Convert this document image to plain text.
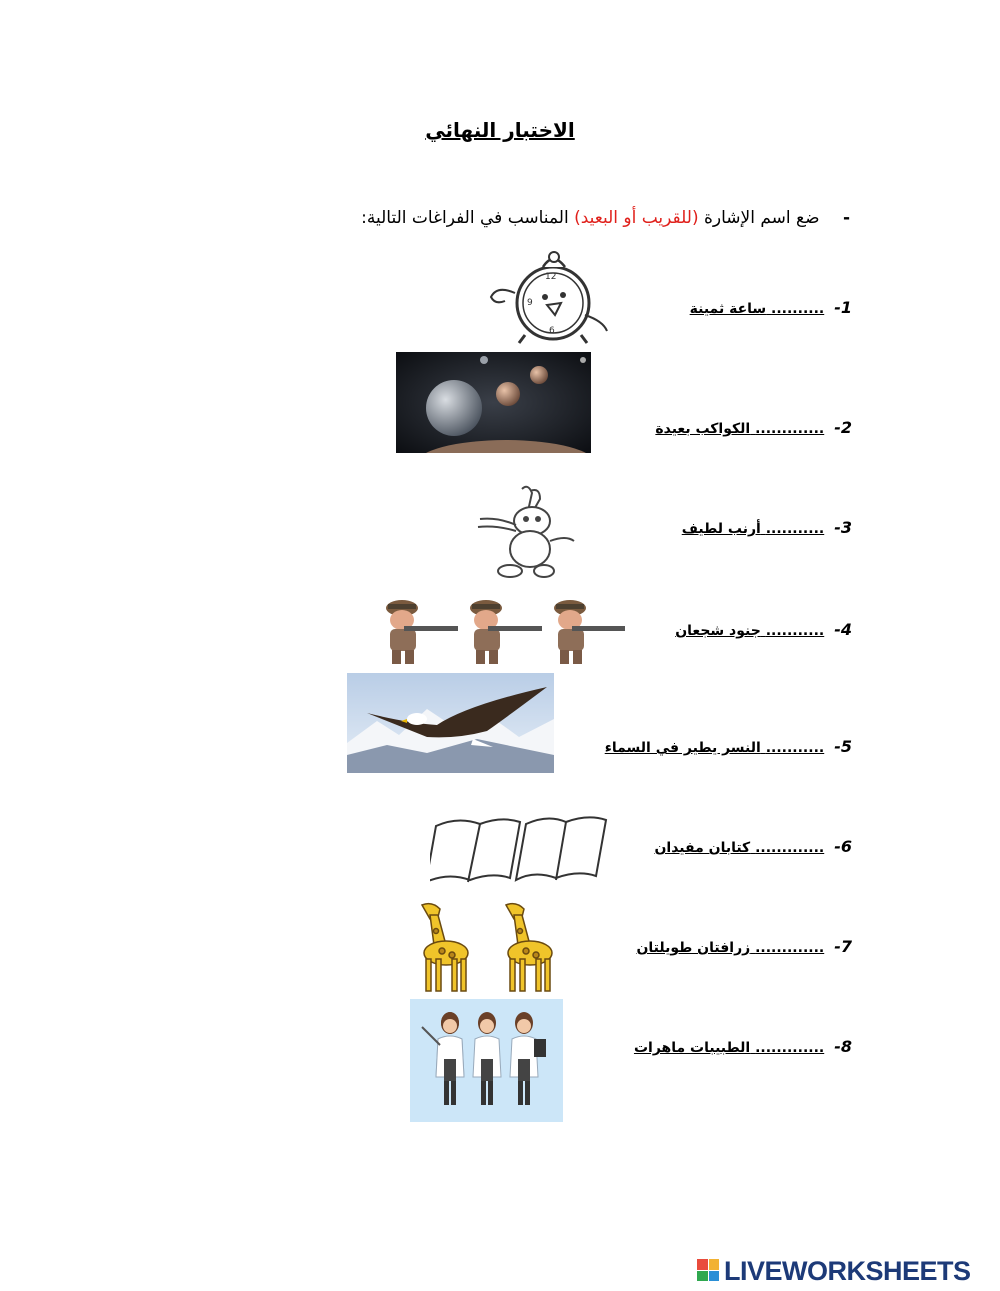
الاختبار النهائي
- ضع اسم الإشارة (للقريب أو البعيد) المناسب في الفراغات التالية:
1-.......... ساعة ثمينة
12
9
6
2-............. الكواكب بعيدة
3-........... أرنب لطيف
4-........... جنود شجعان
5-........... النسر يطير في السماء
6-............. كتابان مفيدان
7-............. زرافتان طويلتان
8-............. الطبيبات ماهرات
LIVEWORKSHEETS
